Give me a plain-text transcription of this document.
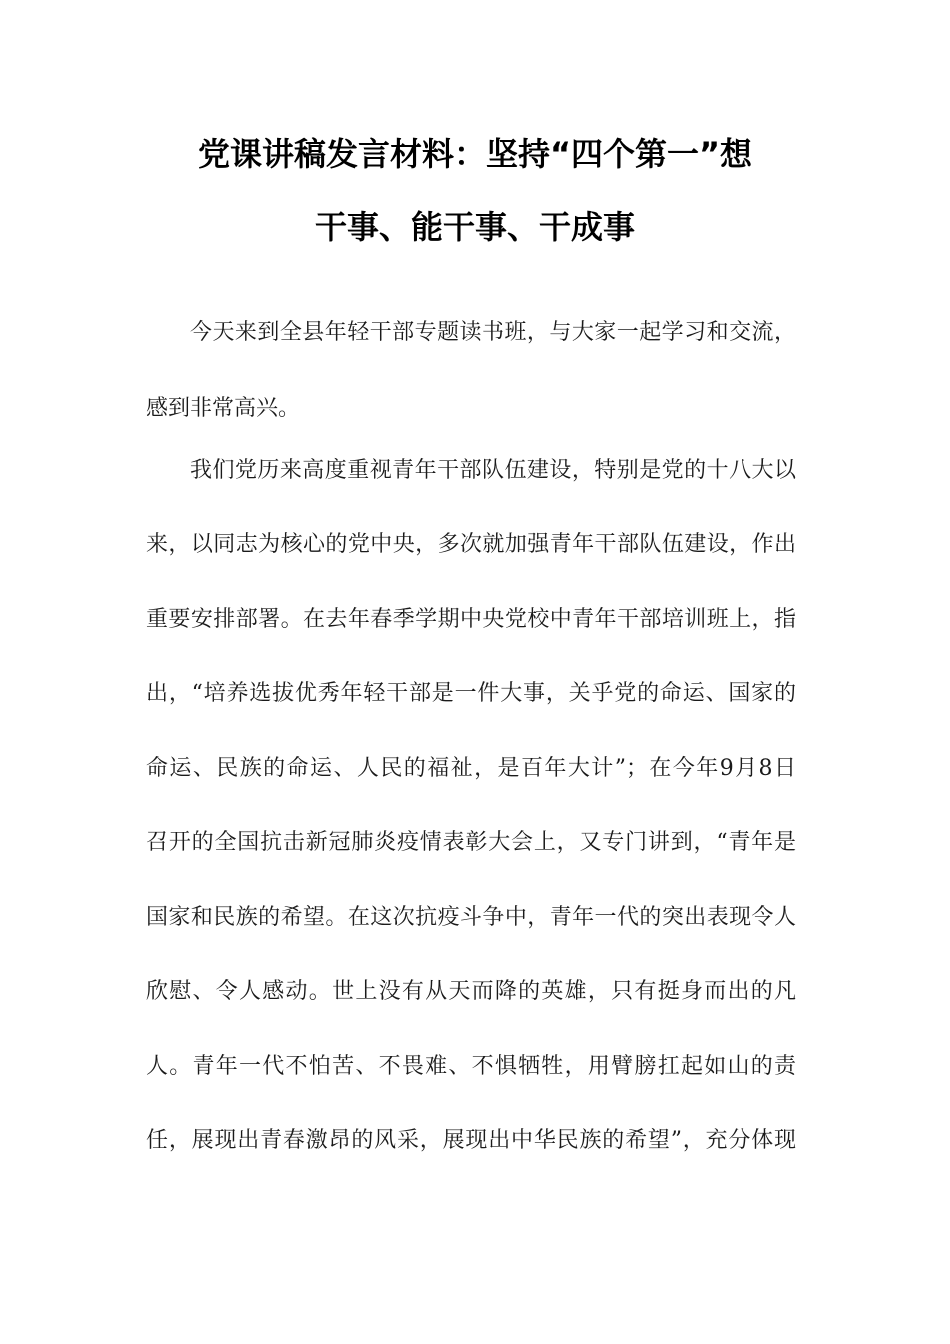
党课讲稿发言材料：坚持“四个第一”想
干事、能干事、干成事
今天来到全县年轻干部专题读书班，与大家一起学习和交流，
感到非常高兴。
我们党历来高度重视青年干部队伍建设，特别是党的十八大以
来，以同志为核心的党中央，多次就加强青年干部队伍建设，作出
重要安排部署。在去年春季学期中央党校中青年干部培训班上，指
出，“培养选拔优秀年轻干部是一件大事，关乎党的命运、国家的
命运、民族的命运、人民的福祉，是百年大计”；在今年9月8日
召开的全国抗击新冠肺炎疫情表彰大会上，又专门讲到，“青年是
国家和民族的希望。在这次抗疫斗争中，青年一代的突出表现令人
欣慰、令人感动。世上没有从天而降的英雄，只有挺身而出的凡
人。青年一代不怕苦、不畏难、不惧牺牲，用臂膀扛起如山的责
任，展现出青春激昂的风采，展现出中华民族的希望”，充分体现
